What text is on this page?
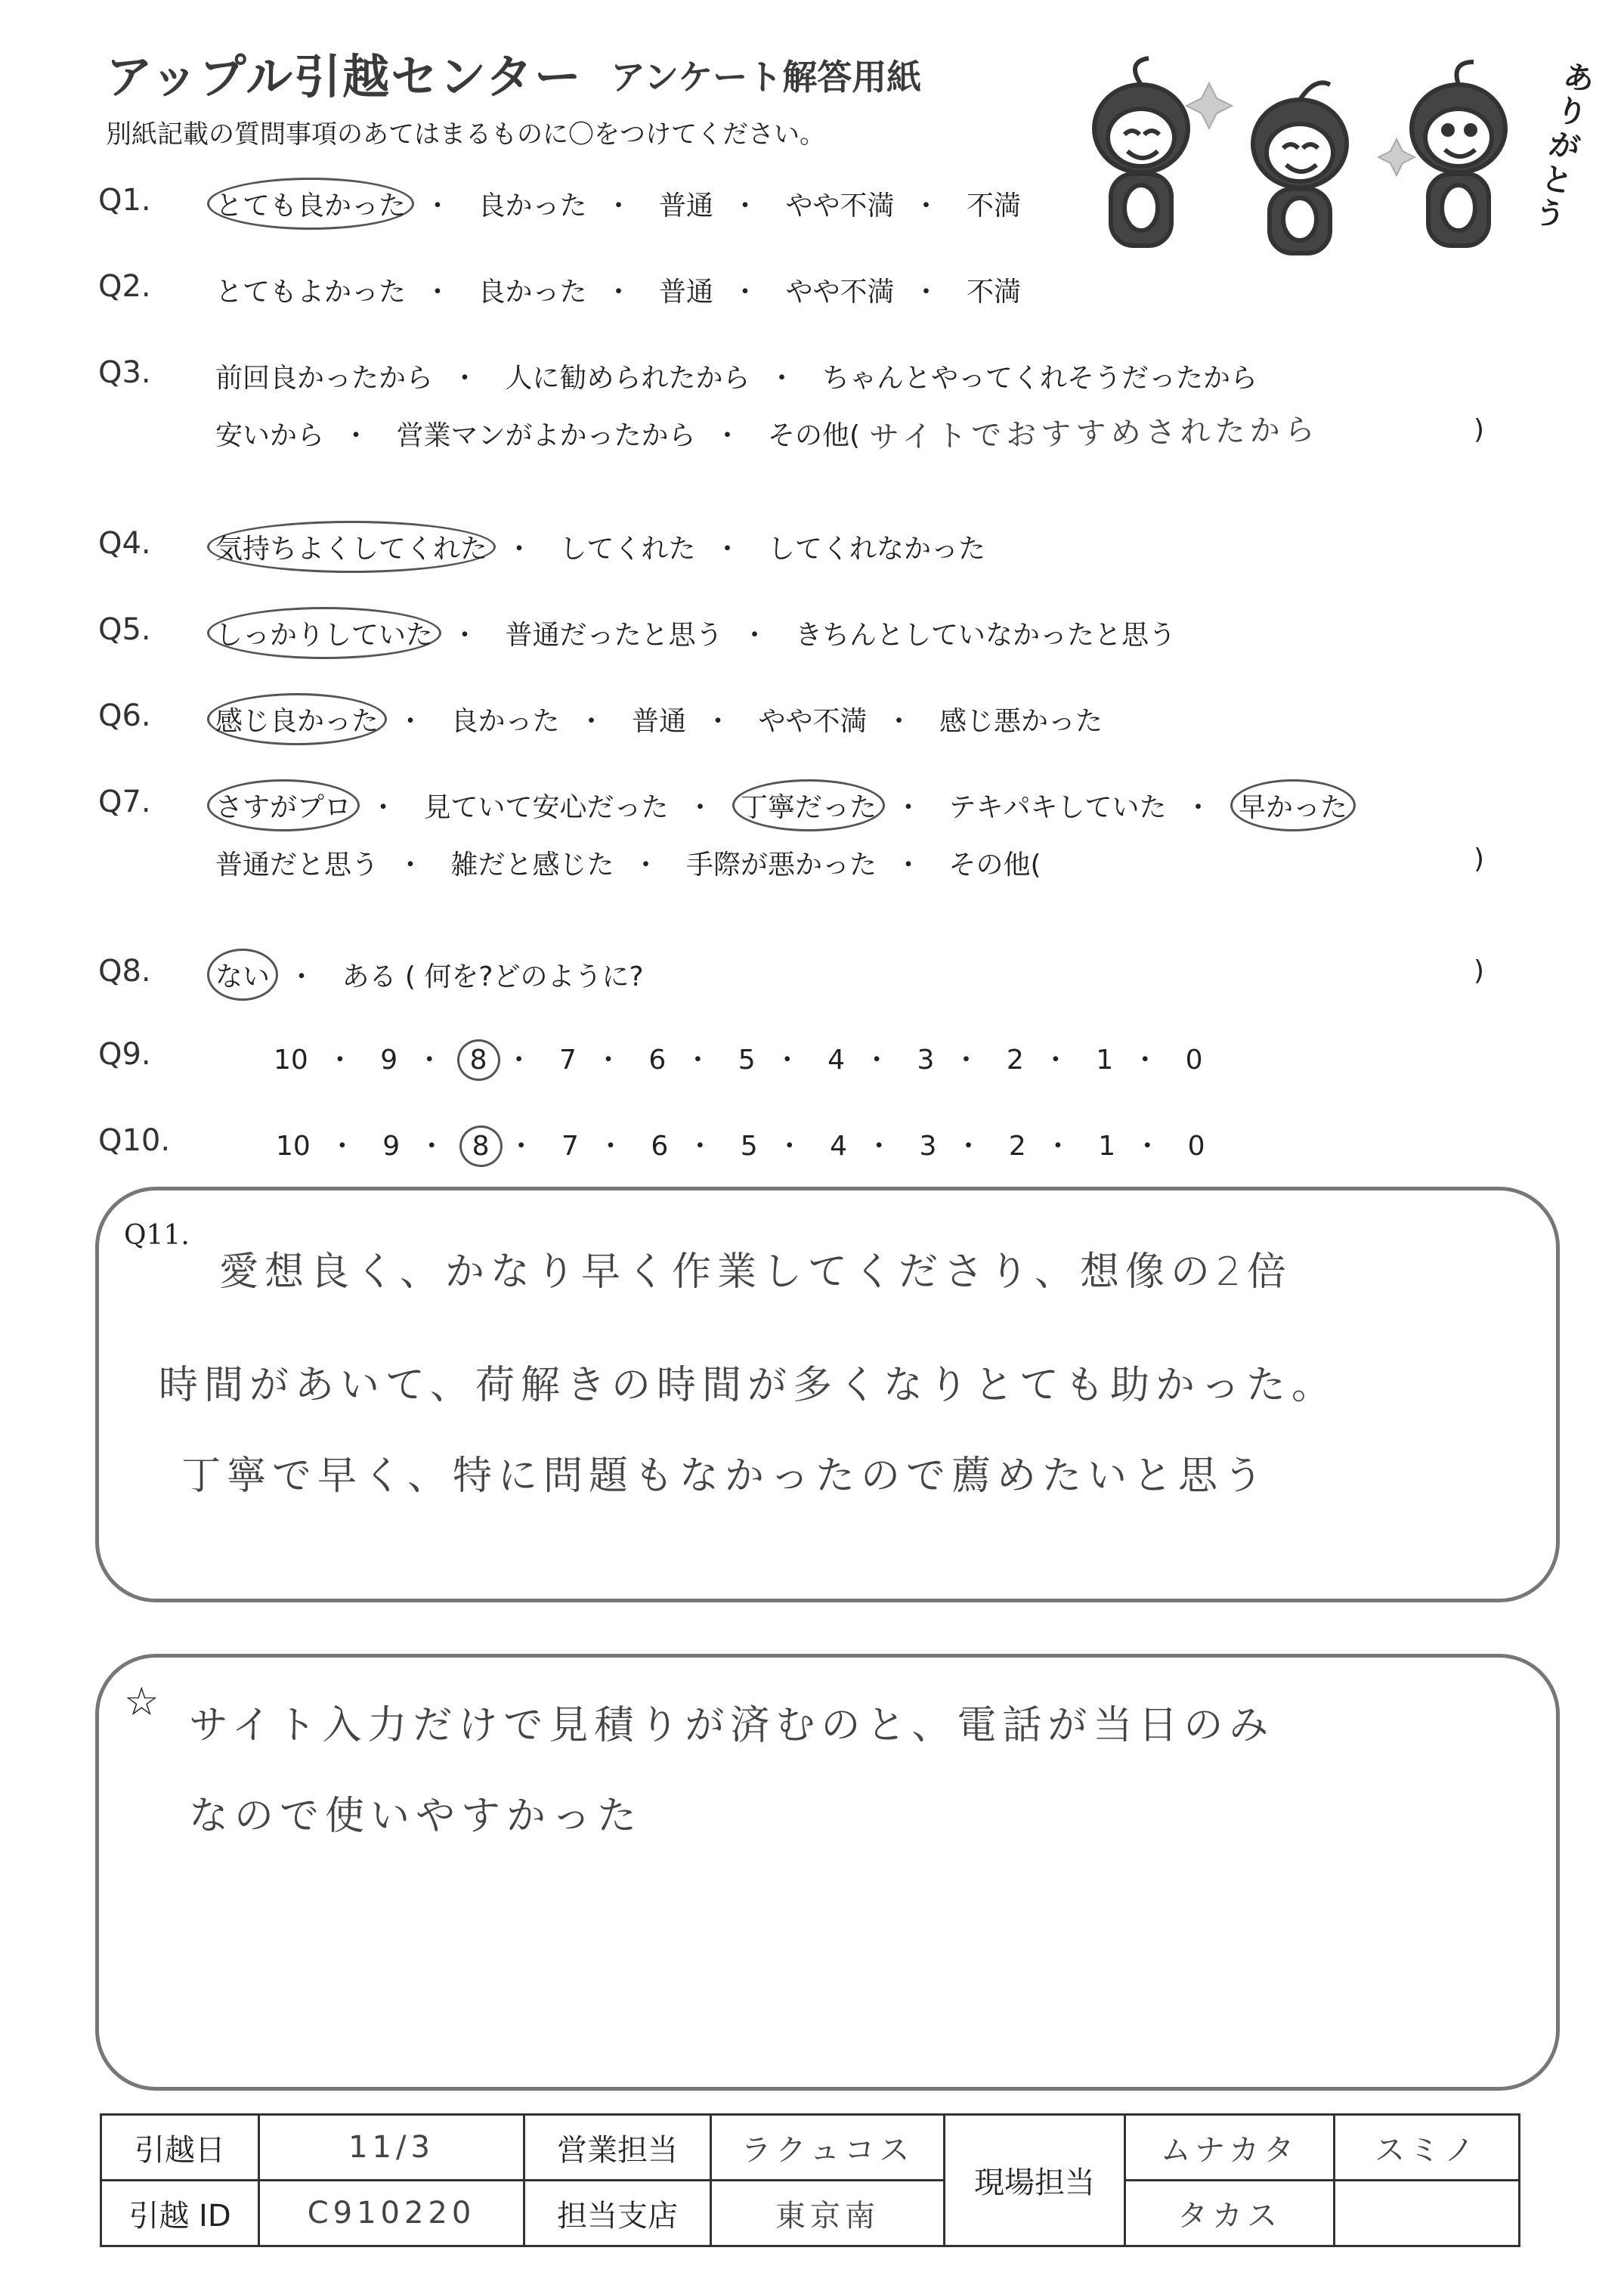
アップル引越センター アンケート解答用紙
別紙記載の質問事項のあてはまるものに〇をつけてください。
ありがとう
Q1. とても良かった ・ 良かった ・ 普通 ・ やや不満 ・ 不満
Q2. とてもよかった ・ 良かった ・ 普通 ・ やや不満 ・ 不満
Q3. 前回良かったから ・ 人に勧められたから ・ ちゃんとやってくれそうだったから
安いから ・ 営業マンがよかったから ・ その他( サイトでおすすめされたから	)
Q4. 気持ちよくしてくれた ・ してくれた ・ してくれなかった
Q5. しっかりしていた ・ 普通だったと思う ・ きちんとしていなかったと思う
Q6. 感じ良かった ・ 良かった ・ 普通 ・ やや不満 ・ 感じ悪かった
Q7. さすがプロ ・ 見ていて安心だった ・ 丁寧だった ・ テキパキしていた ・ 早かった
普通だと思う ・ 雑だと感じた ・ 手際が悪かった ・ その他(	)
Q8. ない ・ ある ( 何を?どのように?	)
Q9.	10 ・ 9 ・ 8 ・ 7 ・ 6 ・ 5 ・ 4 ・ 3 ・ 2 ・ 1 ・ 0
Q10.	10 ・ 9 ・ 8 ・ 7 ・ 6 ・ 5 ・ 4 ・ 3 ・ 2 ・ 1 ・ 0
Q11.
愛想良く、かなり早く作業してくださり、想像の2倍
時間があいて、荷解きの時間が多くなりとても助かった。
丁寧で早く、特に問題もなかったので薦めたいと思う
☆
サイト入力だけで見積りが済むのと、電話が当日のみ
なので使いやすかった
引越日	11/3	営業担当	ラクュコス	現場担当	ムナカタ	スミノ
引越 ID	C910220	担当支店	東京南		タカス	
